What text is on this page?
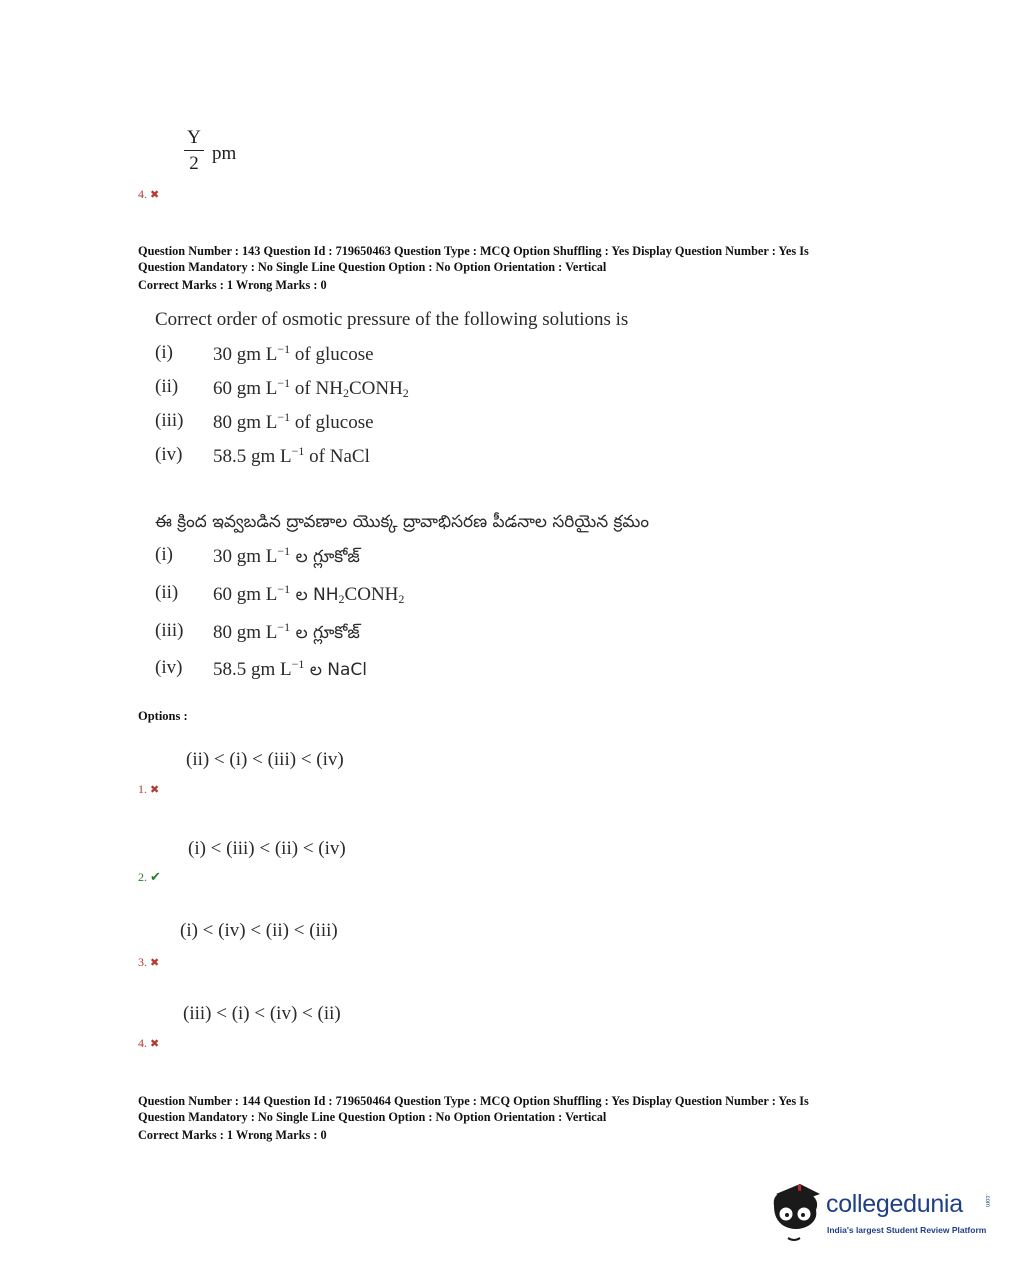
Y
2 pm
4. ✖
Question Number : 143 Question Id : 719650463 Question Type : MCQ Option Shuffling : Yes Display Question Number : Yes Is
Question Mandatory : No Single Line Question Option : No Option Orientation : Vertical
Correct Marks : 1 Wrong Marks : 0
Correct order of osmotic pressure of the following solutions is
(i) 30 gm $L^{-1}$ of glucose
(ii) 60 gm $L^{-1}$ of $NH_2CONH_2$
(iii) 80 gm $L^{-1}$ of glucose
(iv) 58.5 gm $L^{-1}$ of NaCl
ఈ క్రింద ఇవ్వబడిన ద్రావణాల యొక్క ద్రావాభిసరణ పీడనాల సరియైన క్రమం
(i) 30 gm $L^{-1}$ ల గ్లూకోజ్
(ii) 60 gm $L^{-1}$ ల $NH_2CONH_2$
(iii) 80 gm $L^{-1}$ ల గ్లూకోజ్
(iv) 58.5 gm $L^{-1}$ ల NaCl
Options :
(ii) < (i) < (iii) < (iv)
1. ✖
(i) < (iii) < (ii) < (iv)
2. ✔
(i) < (iv) < (ii) < (iii)
3. ✖
(iii) < (i) < (iv) < (ii)
4. ✖
Question Number : 144 Question Id : 719650464 Question Type : MCQ Option Shuffling : Yes Display Question Number : Yes Is
Question Mandatory : No Single Line Question Option : No Option Orientation : Vertical
Correct Marks : 1 Wrong Marks : 0
collegedunia	.com
India's largest Student Review Platform
